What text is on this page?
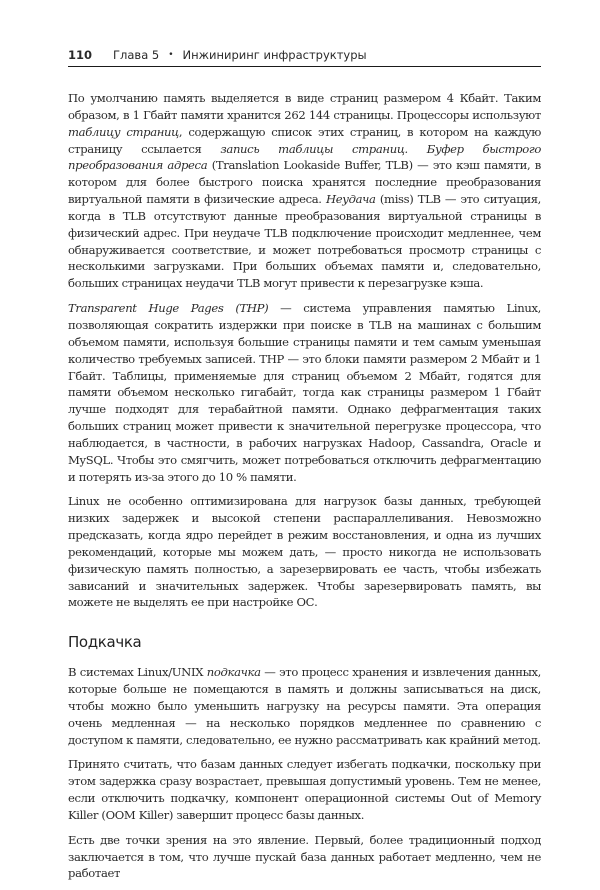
110	Глава 5 • Инжиниринг инфраструктуры

По умолчанию память выделяется в виде страниц размером 4 Кбайт. Таким образом, в 1 Гбайт памяти хранится 262 144 страницы. Процессоры используют таблицу страниц, содержащую список этих страниц, в котором на каждую страницу ссылается запись таблицы страниц. Буфер быстрого преобразования адреса (Translation Lookaside Buffer, TLB) — это кэш памяти, в котором для более быстрого поиска хранятся последние преобразования виртуальной памяти в физические адреса. Неудача (miss) TLB — это ситуация, когда в TLB отсутствуют данные преобразования виртуальной страницы в физический адрес. При неудаче TLB подключение происходит медленнее, чем обнаруживается соответствие, и может потребоваться просмотр страницы с несколькими загрузками. При больших объемах памяти и, следовательно, больших страницах неудачи TLB могут привести к перезагрузке кэша.

Transparent Huge Pages (THP) — система управления памятью Linux, позволяющая сократить издержки при поиске в TLB на машинах с большим объемом памяти, используя большие страницы памяти и тем самым уменьшая количество требуемых записей. THP — это блоки памяти размером 2 Мбайт и 1 Гбайт. Таблицы, применяемые для страниц объемом 2 Мбайт, годятся для памяти объемом несколько гигабайт, тогда как страницы размером 1 Гбайт лучше подходят для терабайтной памяти. Однако дефрагментация таких больших страниц может привести к значительной перегрузке процессора, что наблюдается, в частности, в рабочих нагрузках Hadoop, Cassandra, Oracle и MySQL. Чтобы это смягчить, может потребоваться отключить дефрагментацию и потерять из-за этого до 10 % памяти.

Linux не особенно оптимизирована для нагрузок базы данных, требующей низких задержек и высокой степени распараллеливания. Невозможно предсказать, когда ядро перейдет в режим восстановления, и одна из лучших рекомендаций, которые мы можем дать, — просто никогда не использовать физическую память полностью, а зарезервировать ее часть, чтобы избежать зависаний и значительных задержек. Чтобы зарезервировать память, вы можете не выделять ее при настройке ОС.

Подкачка

В системах Linux/UNIX подкачка — это процесс хранения и извлечения данных, которые больше не помещаются в память и должны записываться на диск, чтобы можно было уменьшить нагрузку на ресурсы памяти. Эта операция очень медленная — на несколько порядков медленнее по сравнению с доступом к памяти, следовательно, ее нужно рассматривать как крайний метод.

Принято считать, что базам данных следует избегать подкачки, поскольку при этом задержка сразу возрастает, превышая допустимый уровень. Тем не менее, если отключить подкачку, компонент операционной системы Out of Memory Killer (OOM Killer) завершит процесс базы данных.

Есть две точки зрения на это явление. Первый, более традиционный подход заключается в том, что лучше пускай база данных работает медленно, чем не работает
